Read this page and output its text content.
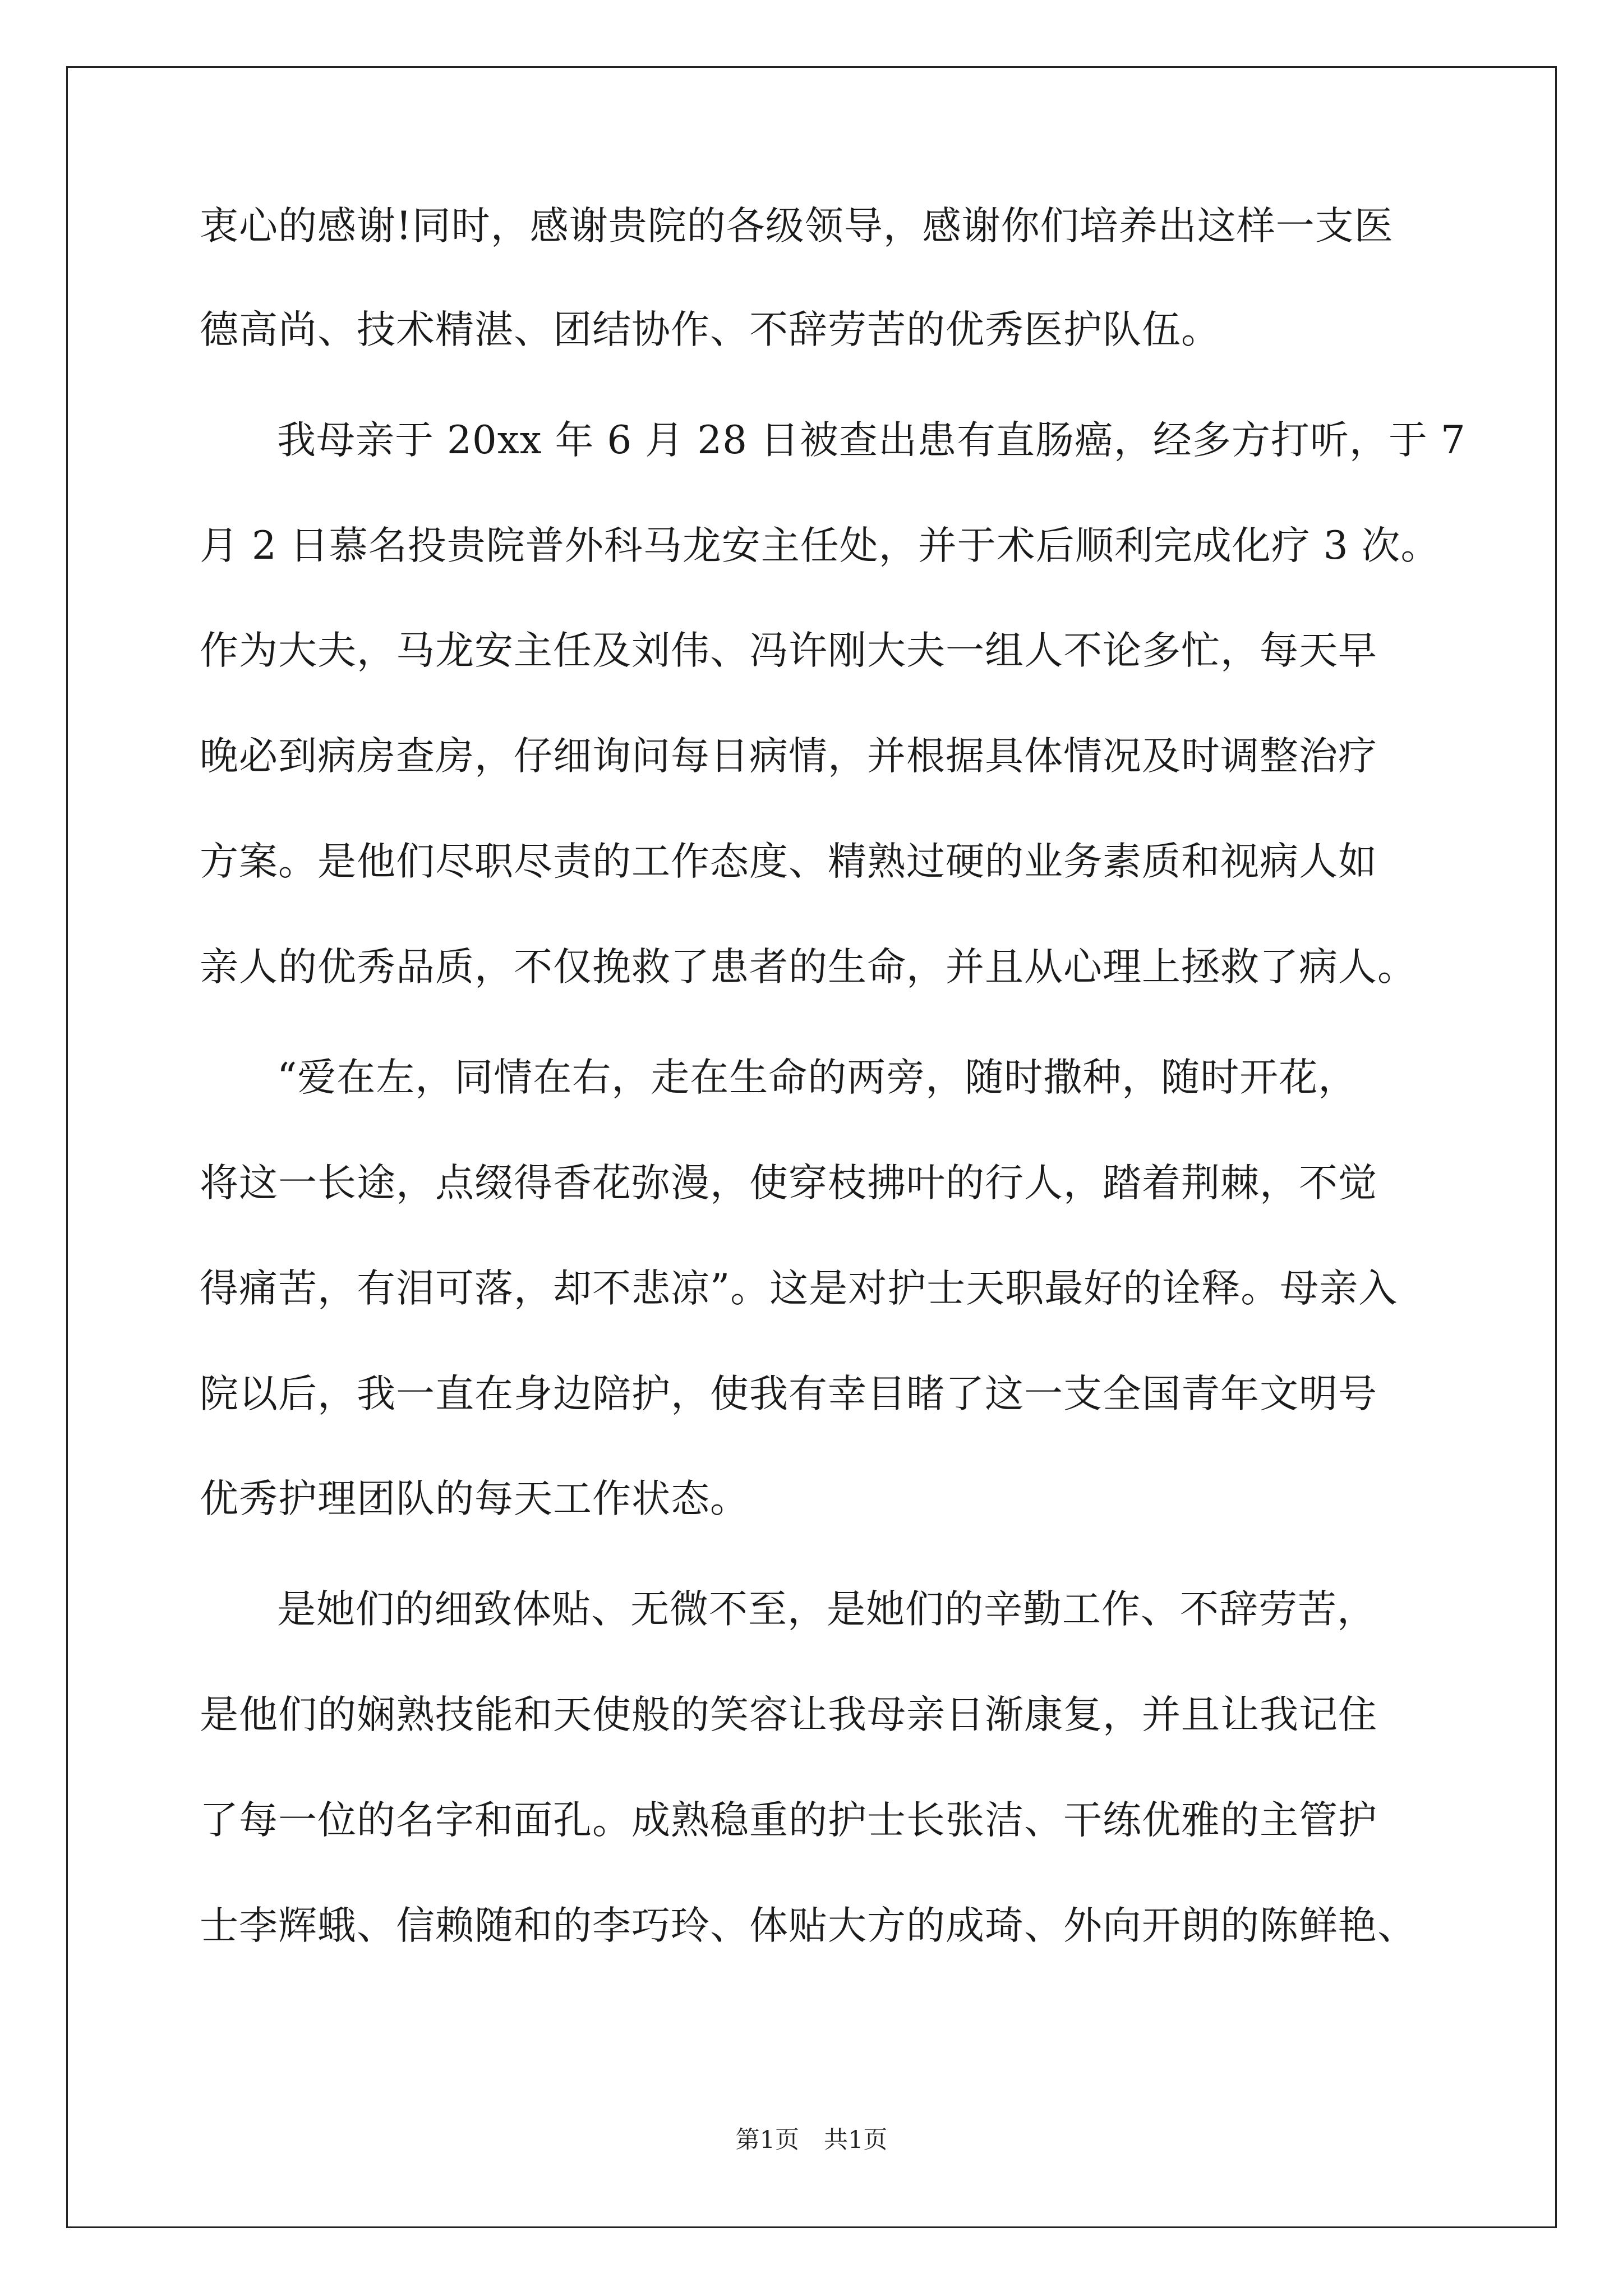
衷心的感谢!同时，感谢贵院的各级领导，感谢你们培养出这样一支医
德高尚、技术精湛、团结协作、不辞劳苦的优秀医护队伍。
我母亲于 20xx 年 6 月 28 日被查出患有直肠癌，经多方打听，于 7
月 2 日慕名投贵院普外科马龙安主任处，并于术后顺利完成化疗 3 次。
作为大夫，马龙安主任及刘伟、冯许刚大夫一组人不论多忙，每天早
晚必到病房查房，仔细询问每日病情，并根据具体情况及时调整治疗
方案。是他们尽职尽责的工作态度、精熟过硬的业务素质和视病人如
亲人的优秀品质，不仅挽救了患者的生命，并且从心理上拯救了病人。
“爱在左，同情在右，走在生命的两旁，随时撒种，随时开花，
将这一长途，点缀得香花弥漫，使穿枝拂叶的行人，踏着荆棘，不觉
得痛苦，有泪可落，却不悲凉”。这是对护士天职最好的诠释。母亲入
院以后，我一直在身边陪护，使我有幸目睹了这一支全国青年文明号
优秀护理团队的每天工作状态。
是她们的细致体贴、无微不至，是她们的辛勤工作、不辞劳苦，
是他们的娴熟技能和天使般的笑容让我母亲日渐康复，并且让我记住
了每一位的名字和面孔。成熟稳重的护士长张洁、干练优雅的主管护
士李辉蛾、信赖随和的李巧玲、体贴大方的成琦、外向开朗的陈鲜艳、
第1页 共1页
